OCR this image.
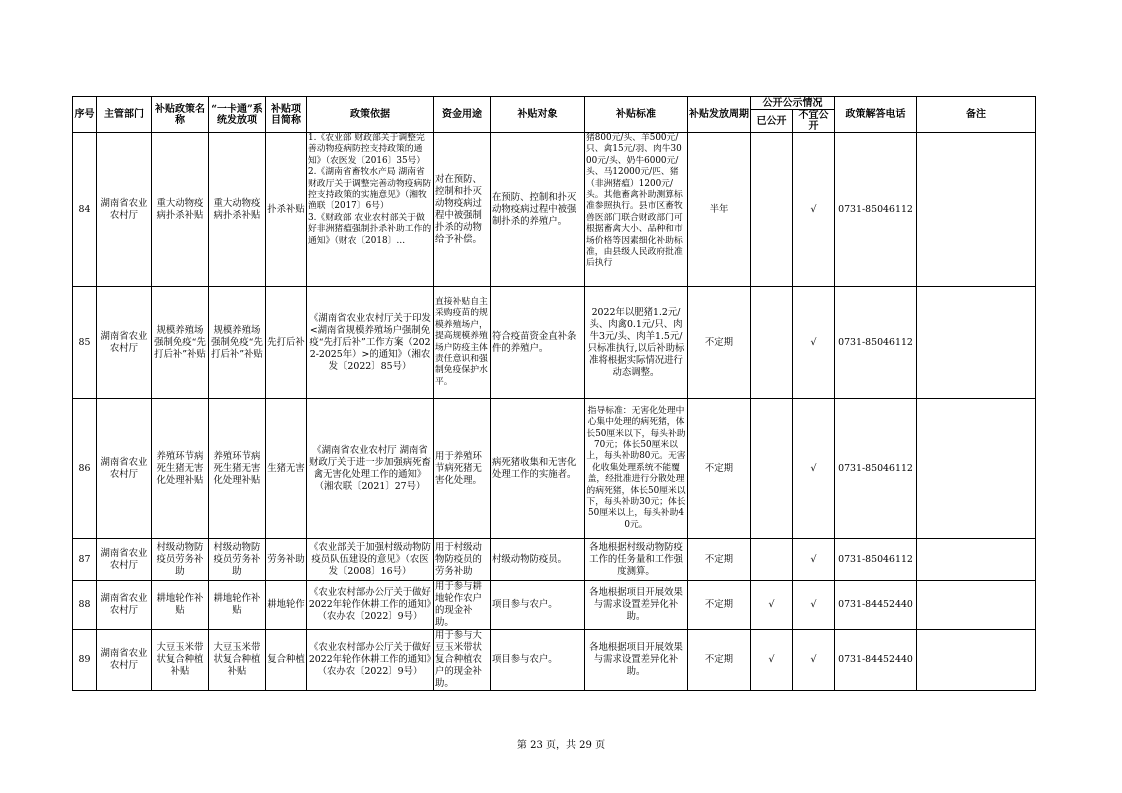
序号	主管部门	补贴政策名称	“一卡通”系统发放项	补贴项目简称	政策依据	资金用途	补贴对象	补贴标准	补贴发放周期	公开公示情况		政策解答电话	备注
										已公开	不宜公开		
84	湖南省农业农村厅	重大动物疫病扑杀补贴	重大动物疫病扑杀补贴	扑杀补贴	1.《农业部 财政部关于调整完善动物疫病防控支持政策的通知》（农医发〔2016〕35号）
2.《湖南省畜牧水产局 湖南省财政厅关于调整完善动物疫病防控支持政策的实施意见》（湘牧渔联〔2017〕6号）
3.《财政部 农业农村部关于做好非洲猪瘟强制扑杀补助工作的通知》（财农〔2018〕…	对在预防、控制和扑灭动物疫病过程中被强制扑杀的动物给予补偿。	在预防、控制和扑灭动物疫病过程中被强制扑杀的养殖户。	猪800元/头、羊500元/只、禽15元/羽、肉牛3000元/头、奶牛6000元/头、马12000元/匹、猪（非洲猪瘟）1200元/头。其他畜禽补助测算标准参照执行。县市区畜牧兽医部门联合财政部门可根据畜禽大小、品种和市场价格等因素细化补助标准，由县级人民政府批准后执行	半年		√	0731-85046112	
85	湖南省农业农村厅	规模养殖场强制免疫“先打后补”补贴	规模养殖场强制免疫“先打后补”补贴	先打后补	《湖南省农业农村厅关于印发<湖南省规模养殖场户强制免疫“先打后补”工作方案（2022-2025年）>的通知》（湘农发〔2022〕85号）	直接补贴自主采购疫苗的规模养殖场户，提高规模养殖场户防疫主体责任意识和强制免疫保护水平。	符合疫苗资金直补条件的养殖户。	2022年以肥猪1.2元/头、肉禽0.1元/只、肉牛3元/头、肉羊1.5元/只标准执行,以后补助标准将根据实际情况进行动态调整。	不定期		√	0731-85046112	
86	湖南省农业农村厅	养殖环节病死生猪无害化处理补贴	养殖环节病死生猪无害化处理补贴	生猪无害	《湖南省农业农村厅 湖南省财政厅关于进一步加强病死畜禽无害化处理工作的通知》（湘农联〔2021〕27号）	用于养殖环节病死猪无害化处理。	病死猪收集和无害化处理工作的实施者。	指导标准：无害化处理中心集中处理的病死猪，体长50厘米以下，每头补助70元；体长50厘米以上，每头补助80元。无害化收集处理系统不能覆盖，经批准进行分散处理的病死猪，体长50厘米以下，每头补助30元；体长50厘米以上，每头补助40元。	不定期		√	0731-85046112	
87	湖南省农业农村厅	村级动物防疫员劳务补助	村级动物防疫员劳务补助	劳务补助	《农业部关于加强村级动物防疫员队伍建设的意见》（农医发〔2008〕16号）	用于村级动物防疫员的劳务补助	村级动物防疫员。	各地根据村级动物防疫工作的任务量和工作强度测算。	不定期		√	0731-85046112	
88	湖南省农业农村厅	耕地轮作补贴	耕地轮作补贴	耕地轮作	《农业农村部办公厅关于做好2022年轮作休耕工作的通知》（农办农〔2022〕9号）	用于参与耕地轮作农户的现金补助。	项目参与农户。	各地根据项目开展效果与需求设置差异化补助。	不定期	√	√	0731-84452440	
89	湖南省农业农村厅	大豆玉米带状复合种植补贴	大豆玉米带状复合种植补贴	复合种植	《农业农村部办公厅关于做好2022年轮作休耕工作的通知》（农办农〔2022〕9号）	用于参与大豆玉米带状复合种植农户的现金补助。	项目参与农户。	各地根据项目开展效果与需求设置差异化补助。	不定期	√	√	0731-84452440	
第 23 页，共 29 页
